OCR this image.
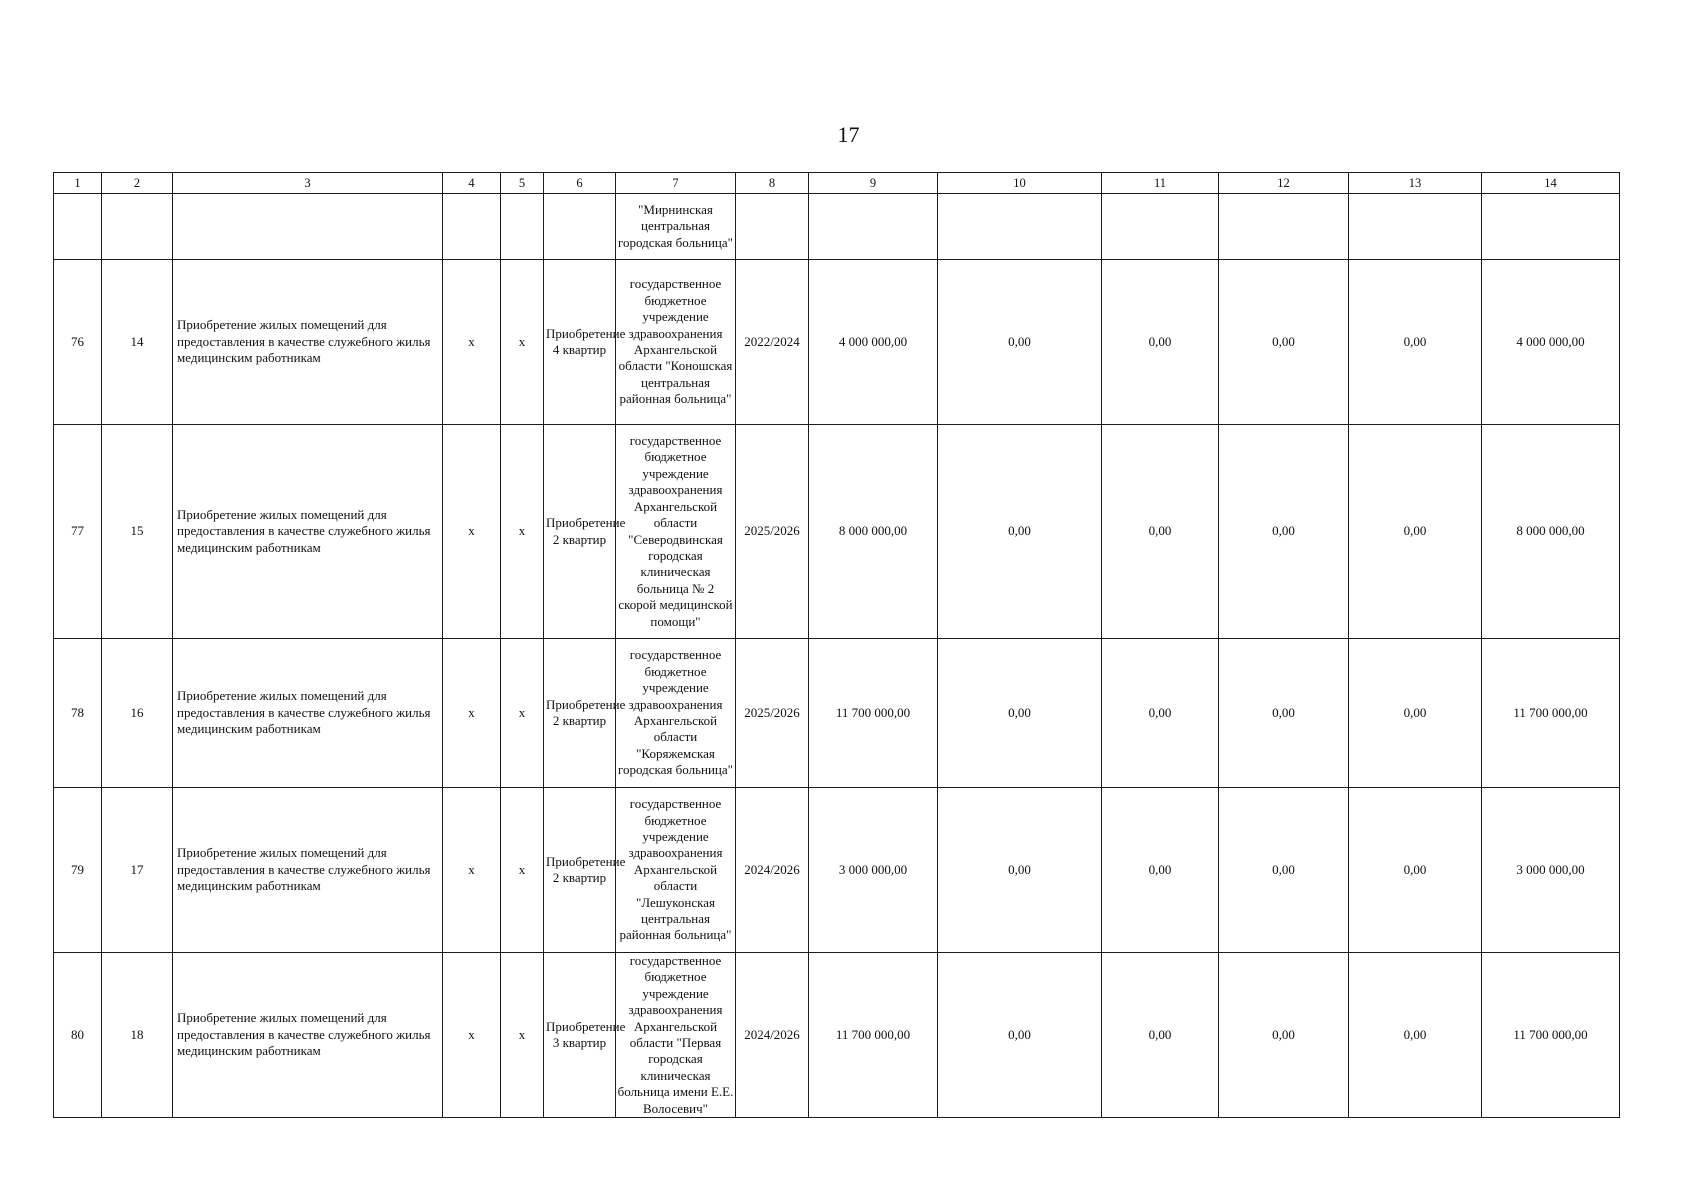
17
1	2	3	4	5	6	7	8	9	10	11	12	13	14
						"Мирнинская центральная городская больница"							
76	14	Приобретение жилых помещений для предоставления в качестве служебного жилья медицинским работникам	х	х	Приобретение 4 квартир	государственное бюджетное учреждение здравоохранения Архангельской области "Коношская центральная районная больница"	2022/2024	4 000 000,00	0,00	0,00	0,00	0,00	4 000 000,00
77	15	Приобретение жилых помещений для предоставления в качестве служебного жилья медицинским работникам	х	х	Приобретение 2 квартир	государственное бюджетное учреждение здравоохранения Архангельской области "Северодвинская городская клиническая больница № 2 скорой медицинской помощи"	2025/2026	8 000 000,00	0,00	0,00	0,00	0,00	8 000 000,00
78	16	Приобретение жилых помещений для предоставления в качестве служебного жилья медицинским работникам	х	х	Приобретение 2 квартир	государственное бюджетное учреждение здравоохранения Архангельской области "Коряжемская городская больница"	2025/2026	11 700 000,00	0,00	0,00	0,00	0,00	11 700 000,00
79	17	Приобретение жилых помещений для предоставления в качестве служебного жилья медицинским работникам	х	х	Приобретение 2 квартир	государственное бюджетное учреждение здравоохранения Архангельской области "Лешуконская центральная районная больница"	2024/2026	3 000 000,00	0,00	0,00	0,00	0,00	3 000 000,00
80	18	Приобретение жилых помещений для предоставления в качестве служебного жилья медицинским работникам	х	х	Приобретение 3 квартир	государственное бюджетное учреждение здравоохранения Архангельской области "Первая городская клиническая больница имени Е.Е. Волосевич"	2024/2026	11 700 000,00	0,00	0,00	0,00	0,00	11 700 000,00
